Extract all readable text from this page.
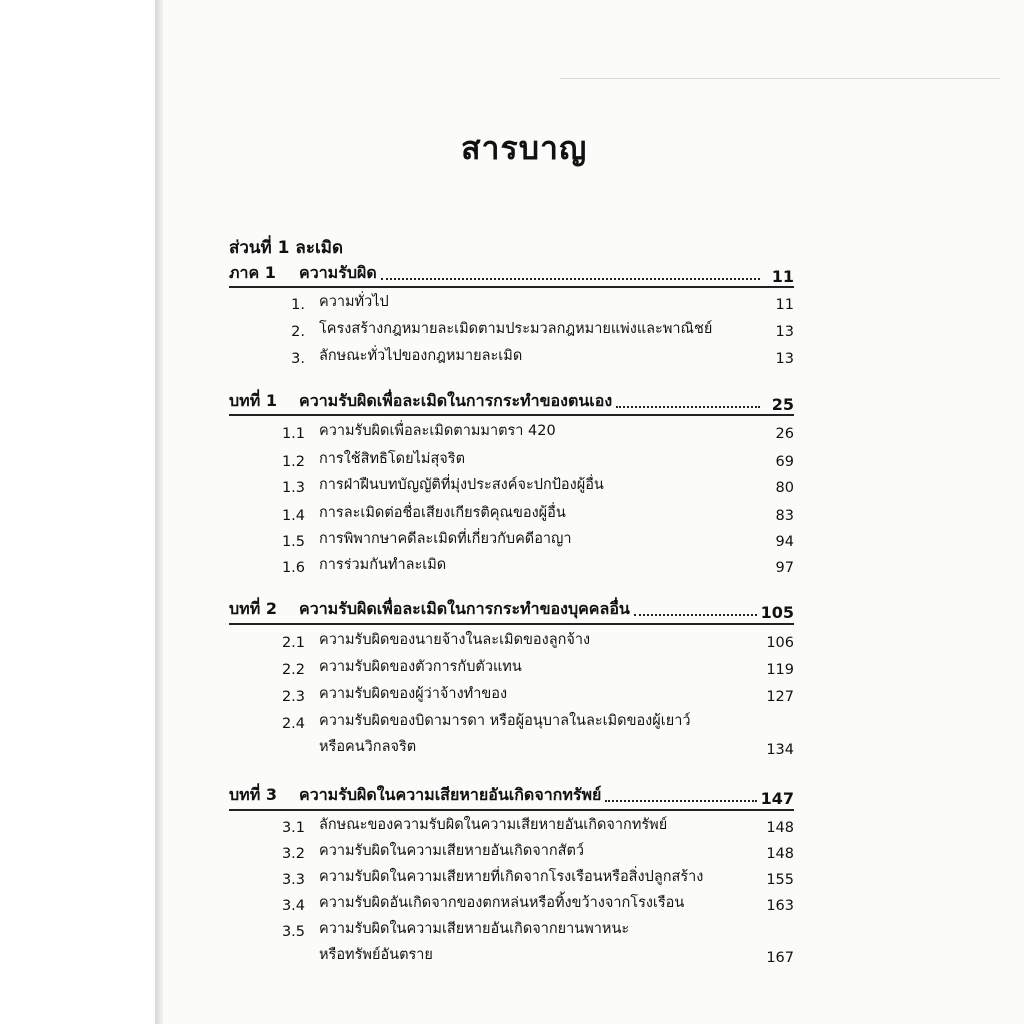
สารบาญ
ส่วนที่ 1 ละเมิด
ภาค 1	ความรับผิด	11
1. ความทั่วไป	11
2. โครงสร้างกฎหมายละเมิดตามประมวลกฎหมายแพ่งและพาณิชย์	13
3. ลักษณะทั่วไปของกฎหมายละเมิด	13
บทที่ 1	ความรับผิดเพื่อละเมิดในการกระทำของตนเอง	25
1.1 ความรับผิดเพื่อละเมิดตามมาตรา 420	26
1.2 การใช้สิทธิโดยไม่สุจริต	69
1.3 การฝ่าฝืนบทบัญญัติที่มุ่งประสงค์จะปกป้องผู้อื่น	80
1.4 การละเมิดต่อชื่อเสียงเกียรติคุณของผู้อื่น	83
1.5 การพิพากษาคดีละเมิดที่เกี่ยวกับคดีอาญา	94
1.6 การร่วมกันทำละเมิด	97
บทที่ 2	ความรับผิดเพื่อละเมิดในการกระทำของบุคคลอื่น	105
2.1 ความรับผิดของนายจ้างในละเมิดของลูกจ้าง	106
2.2 ความรับผิดของตัวการกับตัวแทน	119
2.3 ความรับผิดของผู้ว่าจ้างทำของ	127
2.4 ความรับผิดของบิดามารดา หรือผู้อนุบาลในละเมิดของผู้เยาว์
หรือคนวิกลจริต	134
บทที่ 3	ความรับผิดในความเสียหายอันเกิดจากทรัพย์	147
3.1 ลักษณะของความรับผิดในความเสียหายอันเกิดจากทรัพย์	148
3.2 ความรับผิดในความเสียหายอันเกิดจากสัตว์	148
3.3 ความรับผิดในความเสียหายที่เกิดจากโรงเรือนหรือสิ่งปลูกสร้าง	155
3.4 ความรับผิดอันเกิดจากของตกหล่นหรือทิ้งขว้างจากโรงเรือน	163
3.5 ความรับผิดในความเสียหายอันเกิดจากยานพาหนะ
หรือทรัพย์อันตราย	167
